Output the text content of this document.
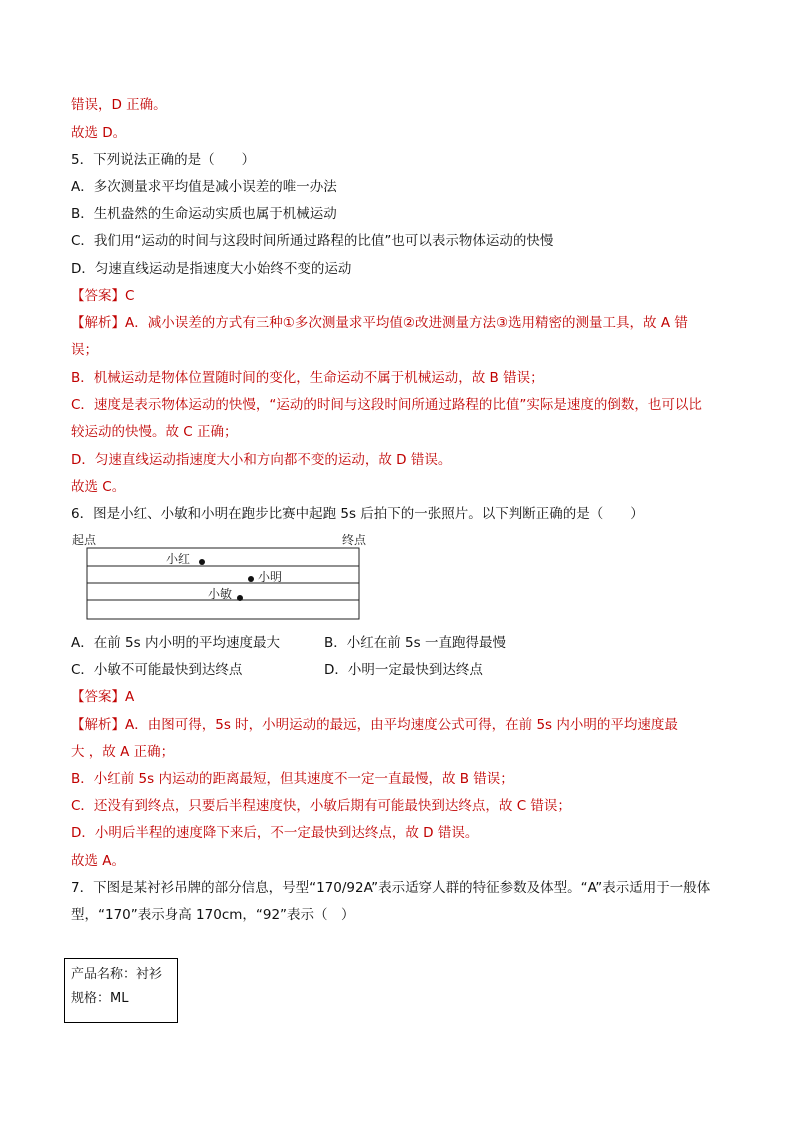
错误，D 正确。
故选 D。
5．下列说法正确的是（　　）
A．多次测量求平均值是减小误差的唯一办法
B．生机盎然的生命运动实质也属于机械运动
C．我们用“运动的时间与这段时间所通过路程的比值”也可以表示物体运动的快慢
D．匀速直线运动是指速度大小始终不变的运动
【答案】C
【解析】A．减小误差的方式有三种①多次测量求平均值②改进测量方法③选用精密的测量工具，故 A 错
误；
B．机械运动是物体位置随时间的变化，生命运动不属于机械运动，故 B 错误；
C．速度是表示物体运动的快慢，“运动的时间与这段时间所通过路程的比值”实际是速度的倒数，也可以比
较运动的快慢。故 C 正确；
D．匀速直线运动指速度大小和方向都不变的运动，故 D 错误。
故选 C。
6．图是小红、小敏和小明在跑步比赛中起跑 5s 后拍下的一张照片。以下判断正确的是（　　）
起点	终点
小红
小明
小敏
A．在前 5s 内小明的平均速度最大	B．小红在前 5s 一直跑得最慢
C．小敏不可能最快到达终点	D．小明一定最快到达终点
【答案】A
【解析】A．由图可得，5s 时，小明运动的最远，由平均速度公式可得，在前 5s 内小明的平均速度最
大 ，故 A 正确；
B．小红前 5s 内运动的距离最短，但其速度不一定一直最慢，故 B 错误；
C．还没有到终点，只要后半程速度快，小敏后期有可能最快到达终点，故 C 错误；
D．小明后半程的速度降下来后，不一定最快到达终点，故 D 错误。
故选 A。
7．下图是某衬衫吊牌的部分信息，号型“170/92A”表示适穿人群的特征参数及体型。“A”表示适用于一般体
型，“170”表示身高 170cm，“92”表示（　）
产品名称：衬衫
规格：ML
